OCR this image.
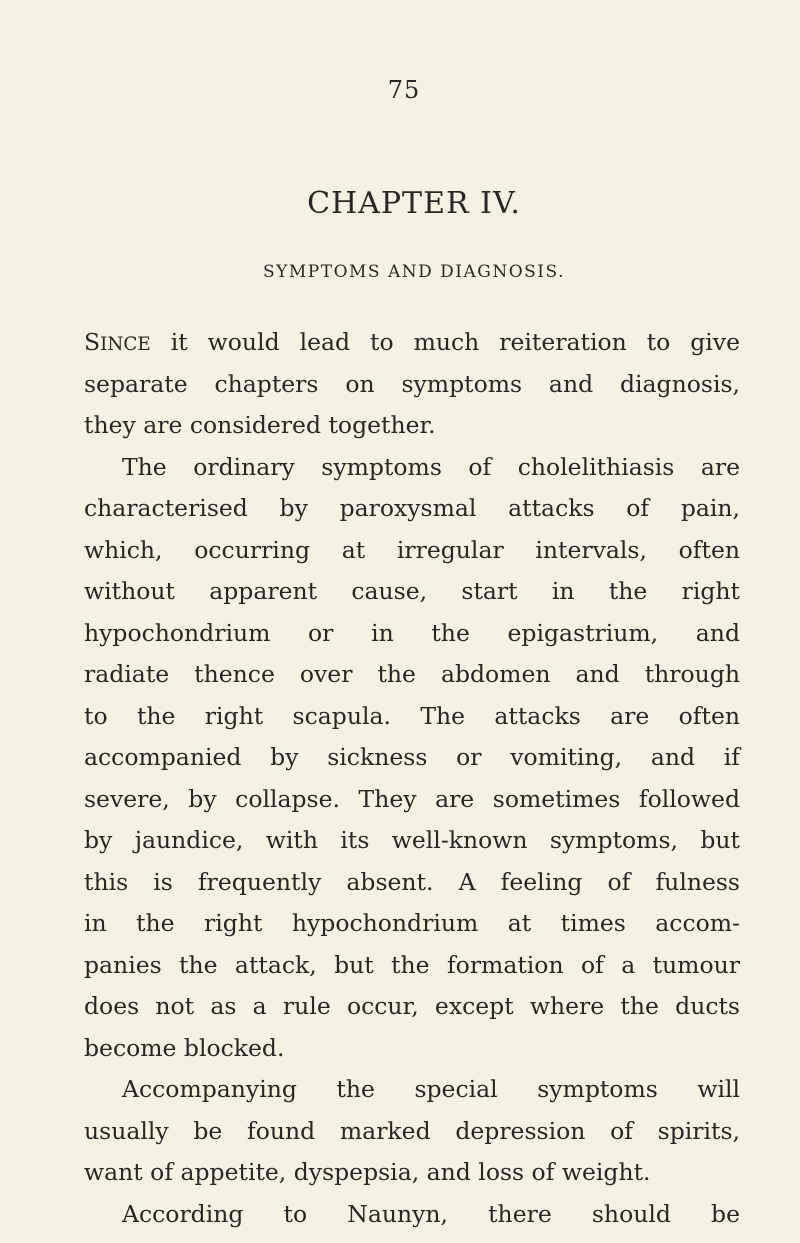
75
CHAPTER IV.
SYMPTOMS AND DIAGNOSIS.
SINCE it would lead to much reiteration to give
separate chapters on symptoms and diagnosis,
they are considered together.
The ordinary symptoms of cholelithiasis are
characterised by paroxysmal attacks of pain,
which, occurring at irregular intervals, often
without apparent cause, start in the right
hypochondrium or in the epigastrium, and
radiate thence over the abdomen and through
to the right scapula. The attacks are often
accompanied by sickness or vomiting, and if
severe, by collapse. They are sometimes followed
by jaundice, with its well-known symptoms, but
this is frequently absent. A feeling of fulness
in the right hypochondrium at times accom-
panies the attack, but the formation of a tumour
does not as a rule occur, except where the ducts
become blocked.
Accompanying the special symptoms will
usually be found marked depression of spirits,
want of appetite, dyspepsia, and loss of weight.
According to Naunyn, there should be
